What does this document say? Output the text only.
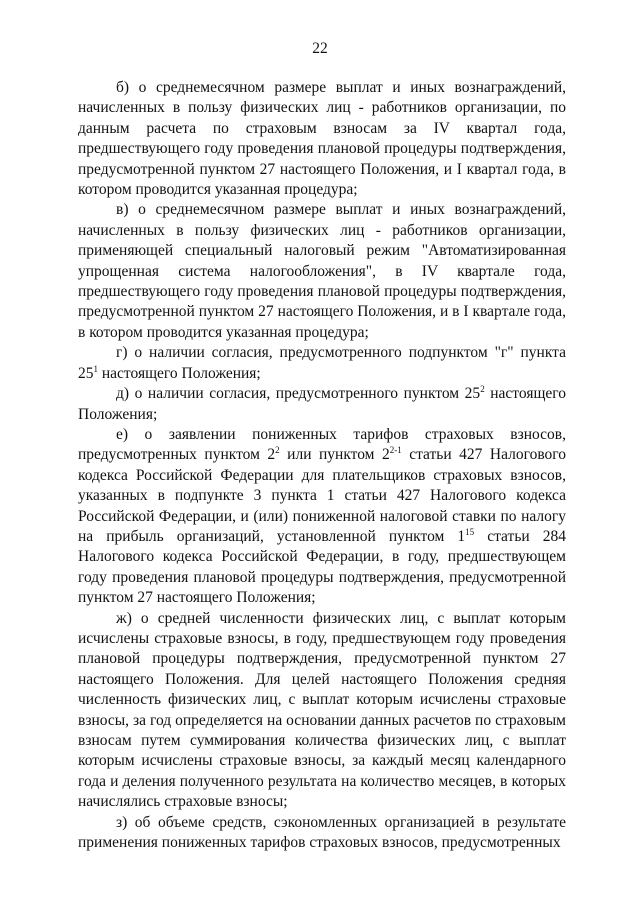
22

б) о среднемесячном размере выплат и иных вознаграждений, начисленных в пользу физических лиц - работников организации, по данным расчета по страховым взносам за IV квартал года, предшествующего году проведения плановой процедуры подтверждения, предусмотренной пунктом 27 настоящего Положения, и I квартал года, в котором проводится указанная процедура;

в) о среднемесячном размере выплат и иных вознаграждений, начисленных в пользу физических лиц - работников организации, применяющей специальный налоговый режим "Автоматизированная упрощенная система налогообложения", в IV квартале года, предшествующего году проведения плановой процедуры подтверждения, предусмотренной пунктом 27 настоящего Положения, и в I квартале года, в котором проводится указанная процедура;

г) о наличии согласия, предусмотренного подпунктом "г" пункта $25^1$ настоящего Положения;

д) о наличии согласия, предусмотренного пунктом $25^2$ настоящего Положения;

е) о заявлении пониженных тарифов страховых взносов, предусмотренных пунктом $2^2$ или пунктом 2$^{2-1}$ статьи 427 Налогового кодекса Российской Федерации для плательщиков страховых взносов, указанных в подпункте 3 пункта 1 статьи 427 Налогового кодекса Российской Федерации, и (или) пониженной налоговой ставки по налогу на прибыль организаций, установленной пунктом $1^{15}$ статьи 284 Налогового кодекса Российской Федерации, в году, предшествующем году проведения плановой процедуры подтверждения, предусмотренной пунктом 27 настоящего Положения;

ж) о средней численности физических лиц, с выплат которым исчислены страховые взносы, в году, предшествующем году проведения плановой процедуры подтверждения, предусмотренной пунктом 27 настоящего Положения. Для целей настоящего Положения средняя численность физических лиц, с выплат которым исчислены страховые взносы, за год определяется на основании данных расчетов по страховым взносам путем суммирования количества физических лиц, с выплат которым исчислены страховые взносы, за каждый месяц календарного года и деления полученного результата на количество месяцев, в которых начислялись страховые взносы;

з) об объеме средств, сэкономленных организацией в результате применения пониженных тарифов страховых взносов, предусмотренных
